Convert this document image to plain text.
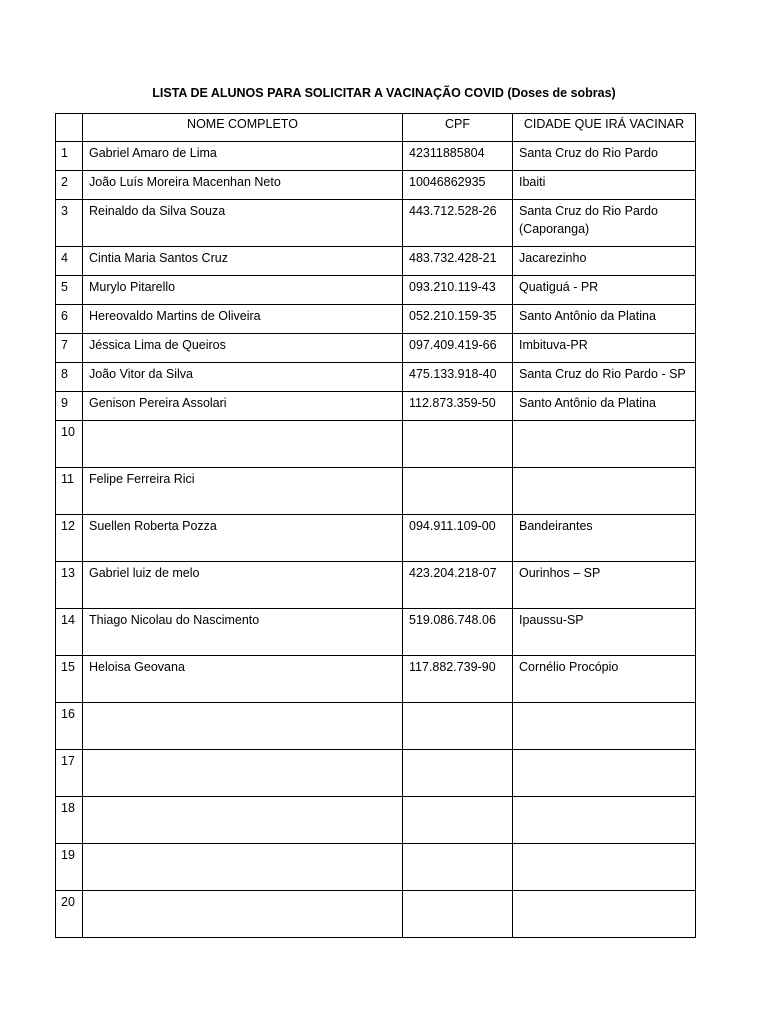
LISTA DE ALUNOS PARA SOLICITAR A VACINAÇÃO COVID (Doses de sobras)
	NOME COMPLETO	CPF	CIDADE QUE IRÁ VACINAR
1	Gabriel Amaro de Lima	42311885804	Santa Cruz do Rio Pardo
2	João Luís Moreira Macenhan Neto	10046862935	Ibaiti
3	Reinaldo da Silva Souza	443.712.528-26	Santa Cruz do Rio Pardo (Caporanga)
4	Cintia Maria Santos Cruz	483.732.428-21	Jacarezinho
5	Murylo Pitarello	093.210.119-43	Quatiguá - PR
6	Hereovaldo Martins de Oliveira	052.210.159-35	Santo Antônio da Platina
7	Jéssica Lima de Queiros	097.409.419-66	Imbituva-PR
8	João Vitor da Silva	475.133.918-40	Santa Cruz do Rio Pardo - SP
9	Genison Pereira Assolari	112.873.359-50	Santo Antônio da Platina
10			
11	Felipe Ferreira Rici		
12	Suellen Roberta Pozza	094.911.109-00	Bandeirantes
13	Gabriel luiz de melo	423.204.218-07	Ourinhos – SP
14	Thiago Nicolau do Nascimento	519.086.748.06	Ipaussu-SP
15	Heloisa Geovana	117.882.739-90	Cornélio Procópio
16			
17			
18			
19			
20			
